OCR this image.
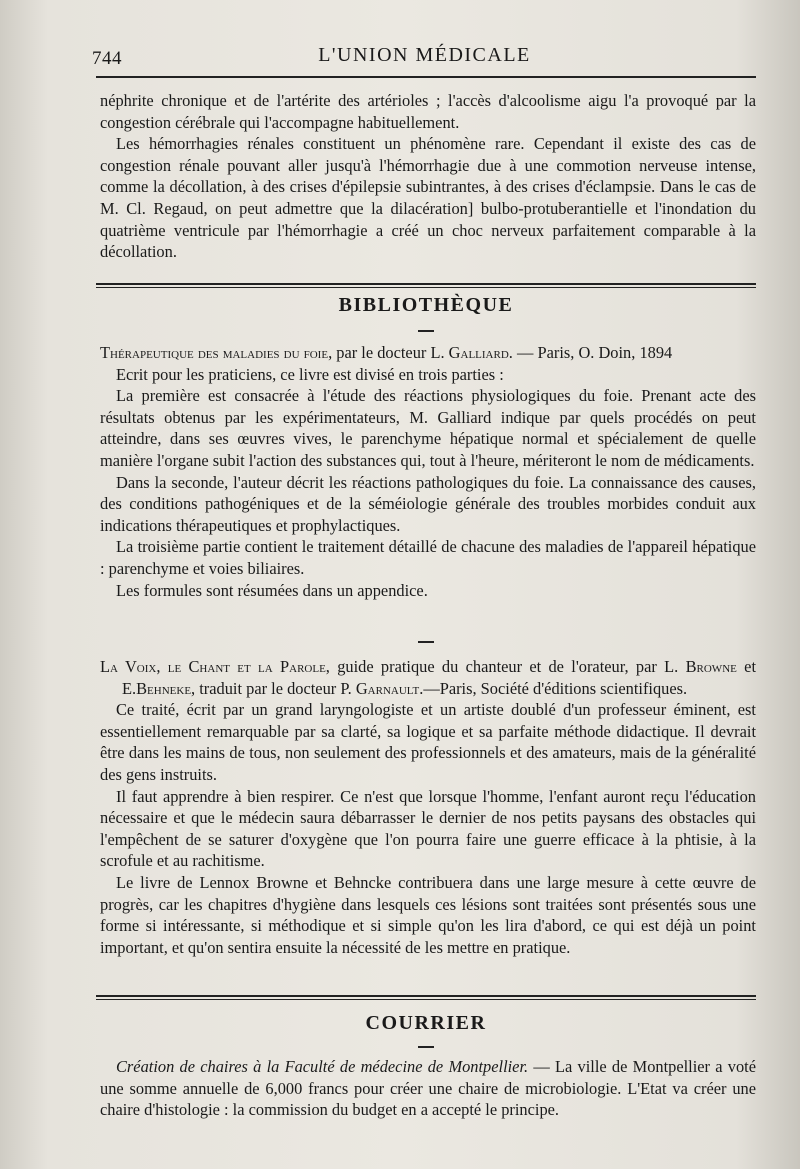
744	L'UNION MÉDICALE

néphrite chronique et de l'artérite des artérioles ; l'accès d'alcoolisme aigu l'a provoqué par la congestion cérébrale qui l'accompagne habituellement.

Les hémorrhagies rénales constituent un phénomène rare. Cependant il existe des cas de congestion rénale pouvant aller jusqu'à l'hémorrhagie due à une commotion nerveuse intense, comme la décollation, à des crises d'épilepsie subintrantes, à des crises d'éclampsie. Dans le cas de M. Cl. Regaud, on peut admettre que la dilacération] bulbo-protuberantielle et l'inondation du quatrième ventricule par l'hémorrhagie a créé un choc nerveux parfaitement comparable à la décollation.

BIBLIOTHÈQUE

Thérapeutique des maladies du foie, par le docteur L. Galliard. — Paris, O. Doin, 1894

Ecrit pour les praticiens, ce livre est divisé en trois parties :

La première est consacrée à l'étude des réactions physiologiques du foie. Prenant acte des résultats obtenus par les expérimentateurs, M. Galliard indique par quels procédés on peut atteindre, dans ses œuvres vives, le parenchyme hépatique normal et spécialement de quelle manière l'organe subit l'action des substances qui, tout à l'heure, mériteront le nom de médicaments.

Dans la seconde, l'auteur décrit les réactions pathologiques du foie. La connaissance des causes, des conditions pathogéniques et de la séméiologie générale des troubles morbides conduit aux indications thérapeutiques et prophylactiques.

La troisième partie contient le traitement détaillé de chacune des maladies de l'appareil hépatique : parenchyme et voies biliaires.

Les formules sont résumées dans un appendice.

La Voix, le Chant et la Parole, guide pratique du chanteur et de l'orateur, par L. Browne et E.Behneke, traduit par le docteur P. Garnault.—Paris, Société d'éditions scientifiques.

Ce traité, écrit par un grand laryngologiste et un artiste doublé d'un professeur éminent, est essentiellement remarquable par sa clarté, sa logique et sa parfaite méthode didactique. Il devrait être dans les mains de tous, non seulement des professionnels et des amateurs, mais de la généralité des gens instruits.

Il faut apprendre à bien respirer. Ce n'est que lorsque l'homme, l'enfant auront reçu l'éducation nécessaire et que le médecin saura débarrasser le dernier de nos petits paysans des obstacles qui l'empêchent de se saturer d'oxygène que l'on pourra faire une guerre efficace à la phtisie, à la scrofule et au rachitisme.

Le livre de Lennox Browne et Behncke contribuera dans une large mesure à cette œuvre de progrès, car les chapitres d'hygiène dans lesquels ces lésions sont traitées sont présentés sous une forme si intéressante, si méthodique et si simple qu'on les lira d'abord, ce qui est déjà un point important, et qu'on sentira ensuite la nécessité de les mettre en pratique.

COURRIER

Création de chaires à la Faculté de médecine de Montpellier. — La ville de Montpellier a voté une somme annuelle de 6,000 francs pour créer une chaire de microbiologie. L'Etat va créer une chaire d'histologie : la commission du budget en a accepté le principe.
